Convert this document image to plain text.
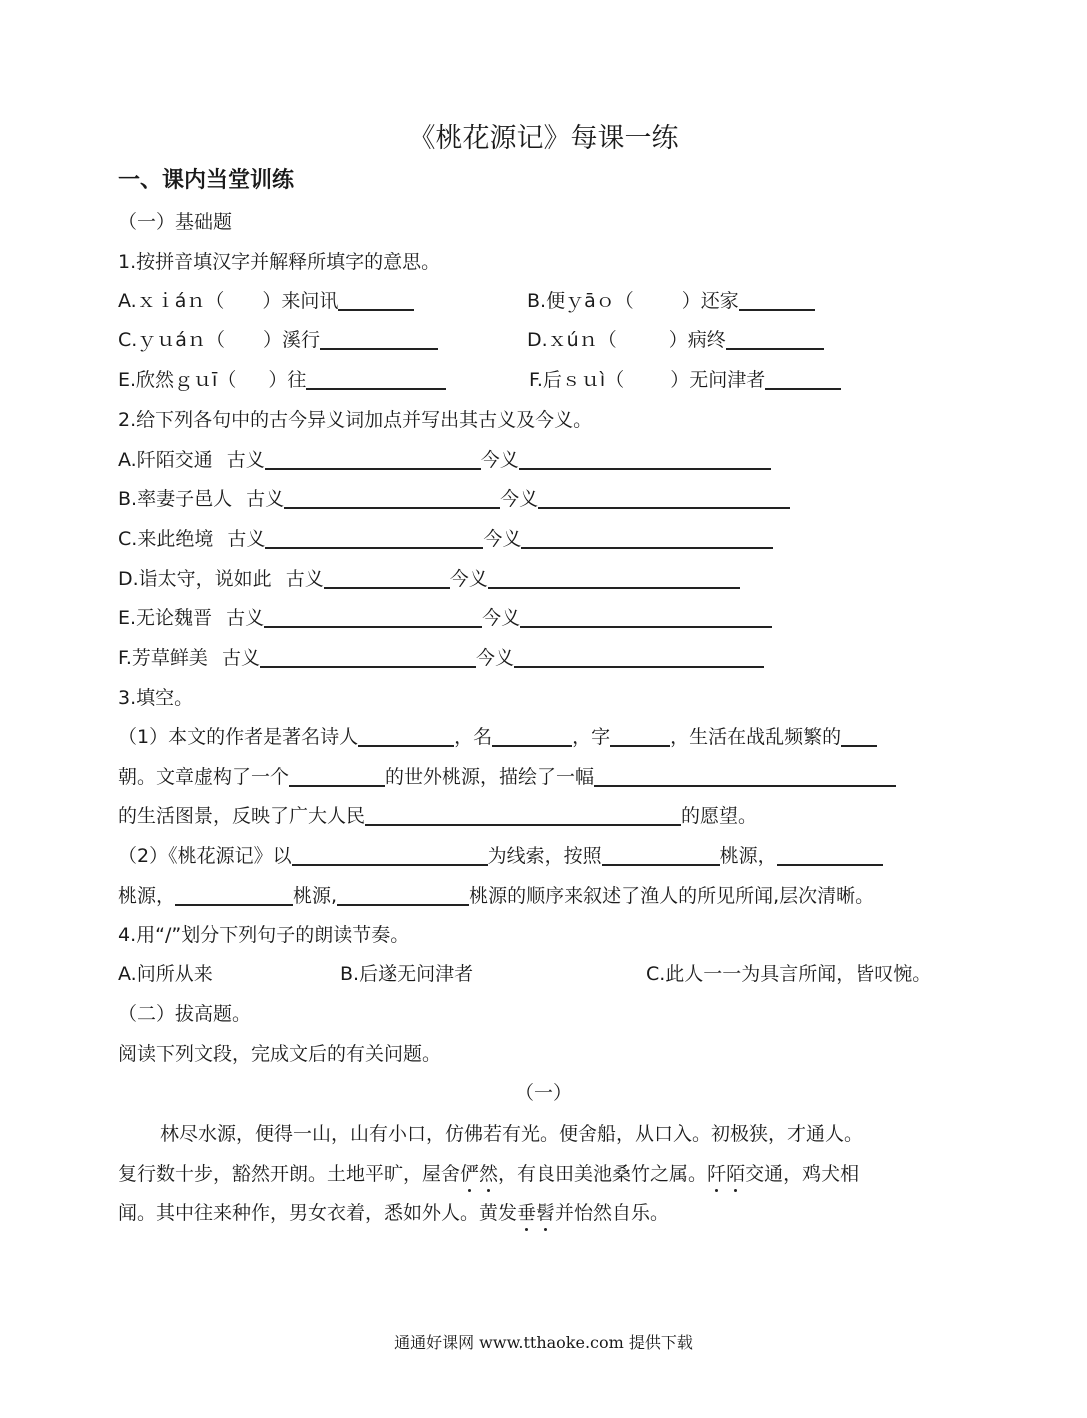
《桃花源记》每课一练
一、课内当堂训练
（一）基础题
1.按拼音填汉字并解释所填字的意思。
A.ｘｉáｎ（ ）来问讯	B.便ｙāｏ（	）还家
C.ｙｕáｎ（ ）溪行	D.ｘúｎ（	）病终
E.欣然ｇｕī（ ）往	F.后ｓｕì（ ）无问津者
2.给下列各句中的古今异义词加点并写出其古义及今义。
A.阡陌交通 古义	今义
B.率妻子邑人 古义	今义
C.来此绝境 古义	今义
D.诣太守，说如此 古义	今义
E.无论魏晋 古义	今义
F.芳草鲜美 古义	今义
3.填空。
（1）本文的作者是著名诗人	，名	，字	，生活在战乱频繁的
朝。文章虚构了一个	的世外桃源，描绘了一幅
的生活图景，反映了广大人民	的愿望。
（2）《桃花源记》以	为线索，按照	桃源，
桃源，	桃源,	桃源的顺序来叙述了渔人的所见所闻,层次清晰。
4.用“/”划分下列句子的朗读节奏。
A.问所从来	B.后遂无问津者	C.此人一一为具言所闻，皆叹惋。
（二）拔高题。
阅读下列文段，完成文后的有关问题。
（一）
林尽水源，便得一山，山有小口，仿佛若有光。便舍船，从口入。初极狭，才通人。
复行数十步，豁然开朗。土地平旷，屋舍俨然，有良田美池桑竹之属。阡陌交通，鸡犬相
闻。其中往来种作，男女衣着，悉如外人。黄发垂髫并怡然自乐。
通通好课网 www.tthaoke.com 提供下载
